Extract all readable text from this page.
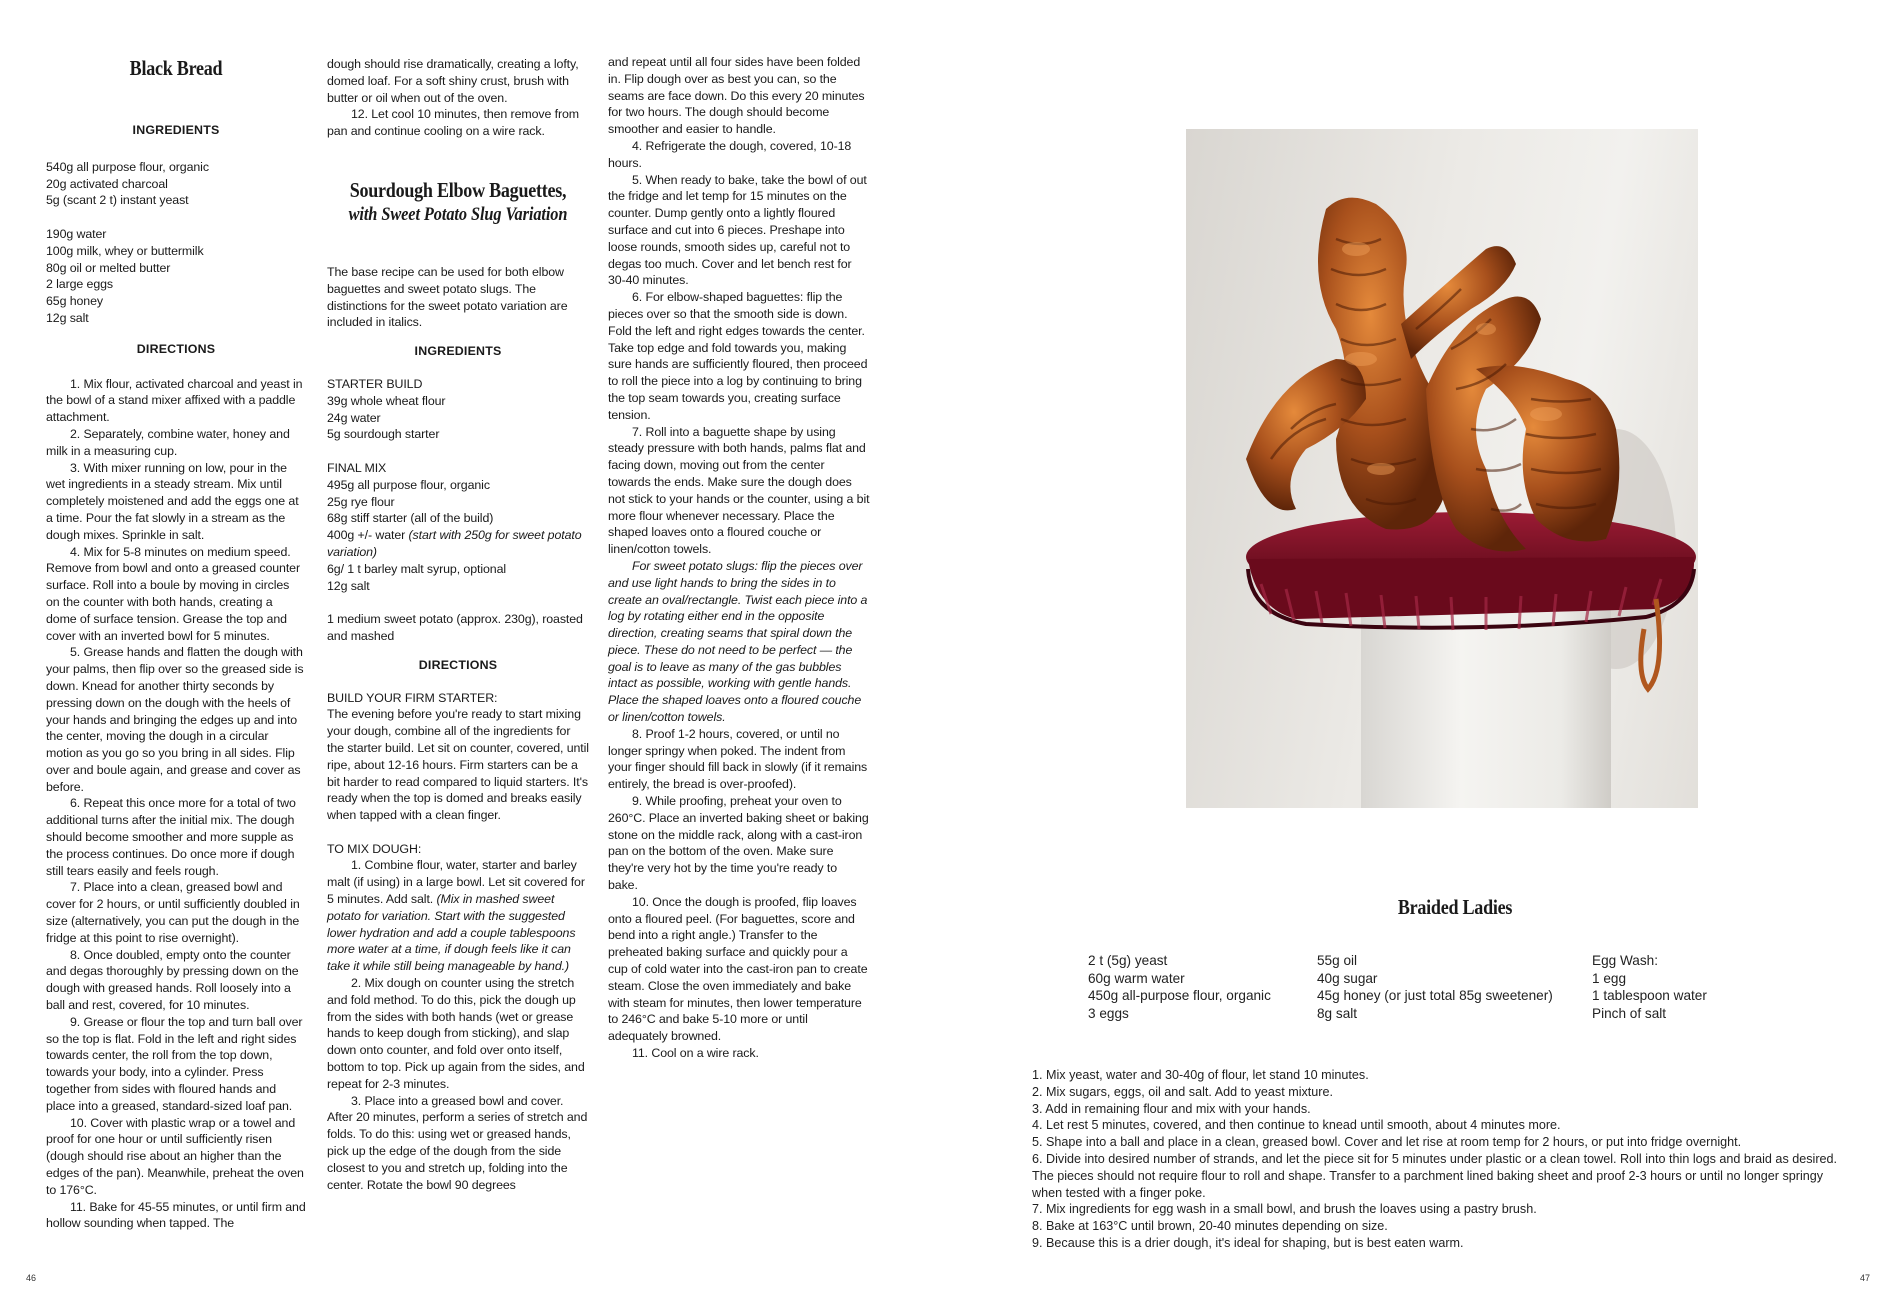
Black Bread

INGREDIENTS

540g all purpose flour, organic

20g activated charcoal

5g (scant 2 t) instant yeast

190g water

100g milk, whey or buttermilk

80g oil or melted butter

2 large eggs

65g honey

12g salt

DIRECTIONS

1. Mix flour, activated charcoal and yeast in the bowl of a stand mixer affixed with a paddle attachment.

2. Separately, combine water, honey and milk in a measuring cup.

3. With mixer running on low, pour in the wet ingredients in a steady stream. Mix until completely moistened and add the eggs one at a time. Pour the fat slowly in a stream as the dough mixes. Sprinkle in salt.

4. Mix for 5-8 minutes on medium speed. Remove from bowl and onto a greased counter surface. Roll into a boule by moving in circles on the counter with both hands, creating a dome of surface tension. Grease the top and cover with an inverted bowl for 5 minutes.

5. Grease hands and flatten the dough with your palms, then flip over so the greased side is down. Knead for another thirty seconds by pressing down on the dough with the heels of your hands and bringing the edges up and into the center, moving the dough in a circular motion as you go so you bring in all sides. Flip over and boule again, and grease and cover as before.

6. Repeat this once more for a total of two additional turns after the initial mix. The dough should become smoother and more supple as the process continues. Do once more if dough still tears easily and feels rough.

7. Place into a clean, greased bowl and cover for 2 hours, or until sufficiently doubled in size (alternatively, you can put the dough in the fridge at this point to rise overnight).

8. Once doubled, empty onto the counter and degas thoroughly by pressing down on the dough with greased hands. Roll loosely into a ball and rest, covered, for 10 minutes.

9. Grease or flour the top and turn ball over so the top is flat. Fold in the left and right sides towards center, the roll from the top down, towards your body, into a cylinder. Press together from sides with floured hands and place into a greased, standard-sized loaf pan.

10. Cover with plastic wrap or a towel and proof for one hour or until sufficiently risen (dough should rise about an higher than the edges of the pan). Meanwhile, preheat the oven to 176°C.

11. Bake for 45-55 minutes, or until firm and hollow sounding when tapped. The

dough should rise dramatically, creating a lofty, domed loaf. For a soft shiny crust, brush with butter or oil when out of the oven.

12. Let cool 10 minutes, then remove from pan and continue cooling on a wire rack.

Sourdough Elbow Baguettes,
with Sweet Potato Slug Variation

The base recipe can be used for both elbow baguettes and sweet potato slugs. The distinctions for the sweet potato variation are included in italics.

INGREDIENTS

STARTER BUILD

39g whole wheat flour

24g water

5g sourdough starter

FINAL MIX

495g all purpose flour, organic

25g rye flour

68g stiff starter (all of the build)

400g +/- water (start with 250g for sweet potato variation)

6g/ 1 t barley malt syrup, optional

12g salt

1 medium sweet potato (approx. 230g), roasted and mashed

DIRECTIONS

BUILD YOUR FIRM STARTER:

The evening before you're ready to start mixing your dough, combine all of the ingredients for the starter build. Let sit on counter, covered, until ripe, about 12-16 hours. Firm starters can be a bit harder to read compared to liquid starters. It's ready when the top is domed and breaks easily when tapped with a clean finger.

TO MIX DOUGH:

1. Combine flour, water, starter and barley malt (if using) in a large bowl. Let sit covered for 5 minutes. Add salt. (Mix in mashed sweet potato for variation. Start with the suggested lower hydration and add a couple tablespoons more water at a time, if dough feels like it can take it while still being manageable by hand.)

2. Mix dough on counter using the stretch and fold method. To do this, pick the dough up from the sides with both hands (wet or grease hands to keep dough from sticking), and slap down onto counter, and fold over onto itself, bottom to top. Pick up again from the sides, and repeat for 2-3 minutes.

3. Place into a greased bowl and cover. After 20 minutes, perform a series of stretch and folds. To do this: using wet or greased hands, pick up the edge of the dough from the side closest to you and stretch up, folding into the center. Rotate the bowl 90 degrees

and repeat until all four sides have been folded in. Flip dough over as best you can, so the seams are face down. Do this every 20 minutes for two hours. The dough should become smoother and easier to handle.

4. Refrigerate the dough, covered, 10-18 hours.

5. When ready to bake, take the bowl of out the fridge and let temp for 15 minutes on the counter. Dump gently onto a lightly floured surface and cut into 6 pieces. Preshape into loose rounds, smooth sides up, careful not to degas too much. Cover and let bench rest for 30-40 minutes.

6. For elbow-shaped baguettes: flip the pieces over so that the smooth side is down. Fold the left and right edges towards the center. Take top edge and fold towards you, making sure hands are sufficiently floured, then proceed to roll the piece into a log by continuing to bring the top seam towards you, creating surface tension.

7. Roll into a baguette shape by using steady pressure with both hands, palms flat and facing down, moving out from the center towards the ends. Make sure the dough does not stick to your hands or the counter, using a bit more flour whenever necessary. Place the shaped loaves onto a floured couche or linen/cotton towels.

For sweet potato slugs: flip the pieces over and use light hands to bring the sides in to create an oval/rectangle. Twist each piece into a log by rotating either end in the opposite direction, creating seams that spiral down the piece. These do not need to be perfect — the goal is to leave as many of the gas bubbles intact as possible, working with gentle hands. Place the shaped loaves onto a floured couche or linen/cotton towels.

8. Proof 1-2 hours, covered, or until no longer springy when poked. The indent from your finger should fill back in slowly (if it remains entirely, the bread is over-proofed).

9. While proofing, preheat your oven to 260°C. Place an inverted baking sheet or baking stone on the middle rack, along with a cast-iron pan on the bottom of the oven. Make sure they're very hot by the time you're ready to bake.

10. Once the dough is proofed, flip loaves onto a floured peel. (For baguettes, score and bend into a right angle.) Transfer to the preheated baking surface and quickly pour a cup of cold water into the cast-iron pan to create steam. Close the oven immediately and bake with steam for minutes, then lower temperature to 246°C and bake 5-10 more or until adequately browned.

11. Cool on a wire rack.

46
Braided Ladies

2 t (5g) yeast

60g warm water

450g all-purpose flour, organic

3 eggs

55g oil

40g sugar

45g honey (or just total 85g sweetener)

8g salt

Egg Wash:

1 egg

1 tablespoon water

Pinch of salt

1. Mix yeast, water and 30-40g of flour, let stand 10 minutes.

2. Mix sugars, eggs, oil and salt. Add to yeast mixture.

3. Add in remaining flour and mix with your hands.

4. Let rest 5 minutes, covered, and then continue to knead until smooth, about 4 minutes more.

5. Shape into a ball and place in a clean, greased bowl. Cover and let rise at room temp for 2 hours, or put into fridge overnight.

6. Divide into desired number of strands, and let the piece sit for 5 minutes under plastic or a clean towel. Roll into thin logs and braid as desired. The pieces should not require flour to roll and shape. Transfer to a parchment lined baking sheet and proof 2-3 hours or until no longer springy when tested with a finger poke.

7. Mix ingredients for egg wash in a small bowl, and brush the loaves using a pastry brush.

8. Bake at 163°C until brown, 20-40 minutes depending on size.

9. Because this is a drier dough, it's ideal for shaping, but is best eaten warm.

47
